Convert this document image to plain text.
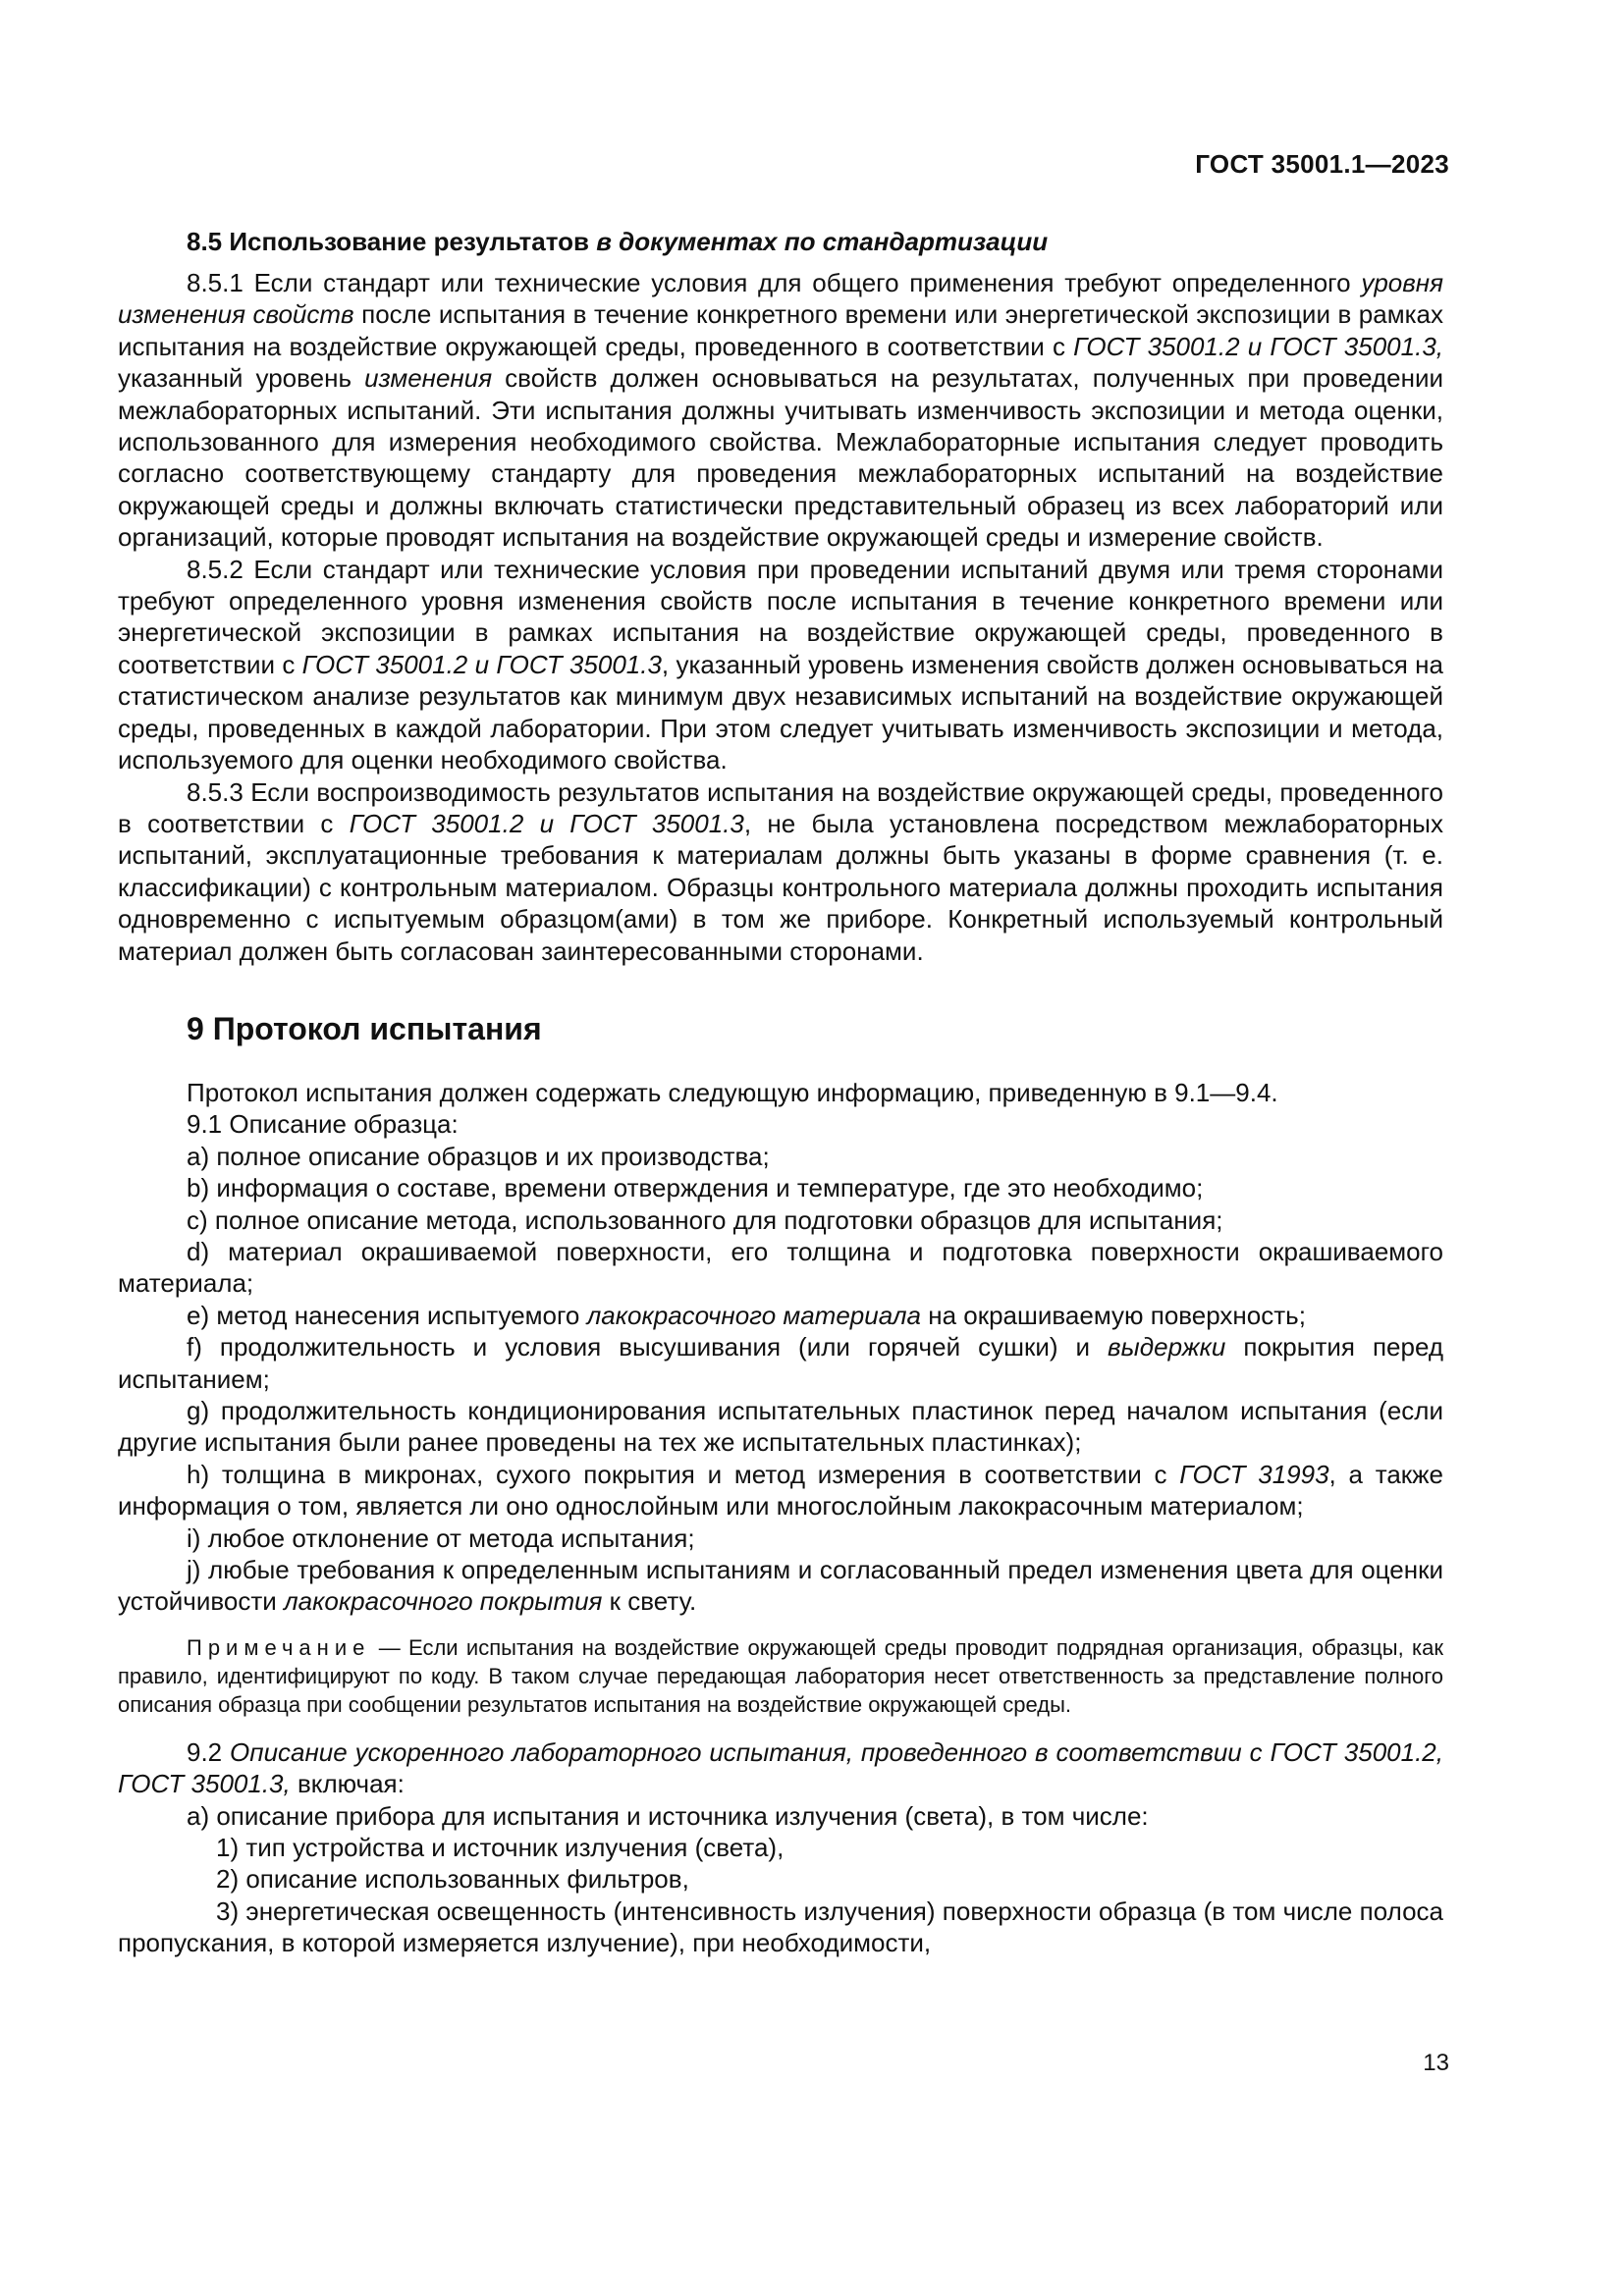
ГОСТ 35001.1—2023
8.5 Использование результатов в документах по стандартизации

8.5.1 Если стандарт или технические условия для общего применения требуют определенного уровня изменения свойств после испытания в течение конкретного времени или энергетической экспозиции в рамках испытания на воздействие окружающей среды, проведенного в соответствии с ГОСТ 35001.2 и ГОСТ 35001.3, указанный уровень изменения свойств должен основываться на результатах, полученных при проведении межлабораторных испытаний. Эти испытания должны учитывать изменчивость экспозиции и метода оценки, использованного для измерения необходимого свойства. Межлабораторные испытания следует проводить согласно соответствующему стандарту для проведения межлабораторных испытаний на воздействие окружающей среды и должны включать статистически представительный образец из всех лабораторий или организаций, которые проводят испытания на воздействие окружающей среды и измерение свойств.

8.5.2 Если стандарт или технические условия при проведении испытаний двумя или тремя сторонами требуют определенного уровня изменения свойств после испытания в течение конкретного времени или энергетической экспозиции в рамках испытания на воздействие окружающей среды, проведенного в соответствии с ГОСТ 35001.2 и ГОСТ 35001.3, указанный уровень изменения свойств должен основываться на статистическом анализе результатов как минимум двух независимых испытаний на воздействие окружающей среды, проведенных в каждой лаборатории. При этом следует учитывать изменчивость экспозиции и метода, используемого для оценки необходимого свойства.

8.5.3 Если воспроизводимость результатов испытания на воздействие окружающей среды, проведенного в соответствии с ГОСТ 35001.2 и ГОСТ 35001.3, не была установлена посредством межлабораторных испытаний, эксплуатационные требования к материалам должны быть указаны в форме сравнения (т. е. классификации) с контрольным материалом. Образцы контрольного материала должны проходить испытания одновременно с испытуемым образцом(ами) в том же приборе. Конкретный используемый контрольный материал должен быть согласован заинтересованными сторонами.

9 Протокол испытания

Протокол испытания должен содержать следующую информацию, приведенную в 9.1—9.4.

9.1 Описание образца:

a) полное описание образцов и их производства;

b) информация о составе, времени отверждения и температуре, где это необходимо;

c) полное описание метода, использованного для подготовки образцов для испытания;

d) материал окрашиваемой поверхности, его толщина и подготовка поверхности окрашиваемого материала;

e) метод нанесения испытуемого лакокрасочного материала на окрашиваемую поверхность;

f) продолжительность и условия высушивания (или горячей сушки) и выдержки покрытия перед испытанием;

g) продолжительность кондиционирования испытательных пластинок перед началом испытания (если другие испытания были ранее проведены на тех же испытательных пластинках);

h) толщина в микронах, сухого покрытия и метод измерения в соответствии с ГОСТ 31993, а также информация о том, является ли оно однослойным или многослойным лакокрасочным материалом;

i) любое отклонение от метода испытания;

j) любые требования к определенным испытаниям и согласованный предел изменения цвета для оценки устойчивости лакокрасочного покрытия к свету.

Примечание — Если испытания на воздействие окружающей среды проводит подрядная организация, образцы, как правило, идентифицируют по коду. В таком случае передающая лаборатория несет ответственность за представление полного описания образца при сообщении результатов испытания на воздействие окружающей среды.

9.2 Описание ускоренного лабораторного испытания, проведенного в соответствии с ГОСТ 35001.2, ГОСТ 35001.3, включая:

a) описание прибора для испытания и источника излучения (света), в том числе:

1) тип устройства и источник излучения (света),

2) описание использованных фильтров,

3) энергетическая освещенность (интенсивность излучения) поверхности образца (в том числе полоса пропускания, в которой измеряется излучение), при необходимости,

13
